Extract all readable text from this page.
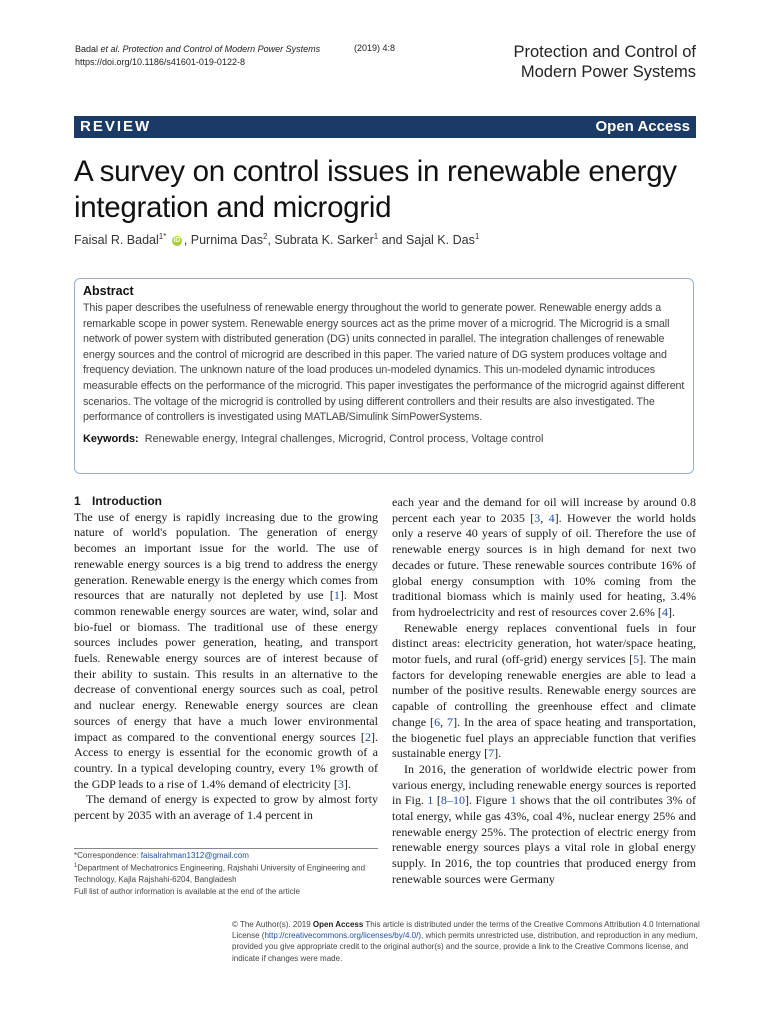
Badal et al. Protection and Control of Modern Power Systems
https://doi.org/10.1186/s41601-019-0122-8
(2019) 4:8	Protection and Control of
Modern Power Systems
REVIEW	Open Access
A survey on control issues in renewable energy integration and microgrid
Faisal R. Badal$^{1*}$ iD , Purnima Das$^2$, Subrata K. Sarker$^1$ and Sajal K. Das$^1$
Abstract
This paper describes the usefulness of renewable energy throughout the world to generate power. Renewable energy adds a remarkable scope in power system. Renewable energy sources act as the prime mover of a microgrid. The Microgrid is a small network of power system with distributed generation (DG) units connected in parallel. The integration challenges of renewable energy sources and the control of microgrid are described in this paper. The varied nature of DG system produces voltage and frequency deviation. The unknown nature of the load produces un-modeled dynamics. This un-modeled dynamic introduces measurable effects on the performance of the microgrid. This paper investigates the performance of the microgrid against different scenarios. The voltage of the microgrid is controlled by using different controllers and their results are also investigated. The performance of controllers is investigated using MATLAB/Simulink SimPowerSystems.
Keywords: Renewable energy, Integral challenges, Microgrid, Control process, Voltage control
1 Introduction

The use of energy is rapidly increasing due to the growing nature of world's population. The generation of energy becomes an important issue for the world. The use of renewable energy sources is a big trend to address the energy generation. Renewable energy is the energy which comes from resources that are naturally not depleted by use [1]. Most common renewable energy sources are water, wind, solar and bio-fuel or biomass. The traditional use of these energy sources includes power generation, heating, and transport fuels. Renewable energy sources are of interest because of their ability to sustain. This results in an alternative to the decrease of conventional energy sources such as coal, petrol and nuclear energy. Renewable energy sources are clean sources of energy that have a much lower environmental impact as compared to the conventional energy sources [2]. Access to energy is essential for the economic growth of a country. In a typical developing country, every 1% growth of the GDP leads to a rise of 1.4% demand of electricity [3].

The demand of energy is expected to grow by almost forty percent by 2035 with an average of 1.4 percent in

each year and the demand for oil will increase by around 0.8 percent each year to 2035 [3, 4]. However the world holds only a reserve 40 years of supply of oil. Therefore the use of renewable energy sources is in high demand for next two decades or future. These renewable sources contribute 16% of global energy consumption with 10% coming from the traditional biomass which is mainly used for heating, 3.4% from hydroelectricity and rest of resources cover 2.6% [4].

Renewable energy replaces conventional fuels in four distinct areas: electricity generation, hot water/space heating, motor fuels, and rural (off-grid) energy services [5]. The main factors for developing renewable energies are able to lead a number of the positive results. Renewable energy sources are capable of controlling the greenhouse effect and climate change [6, 7]. In the area of space heating and transportation, the biogenetic fuel plays an appreciable function that verifies sustainable energy [7].

In 2016, the generation of worldwide electric power from various energy, including renewable energy sources is reported in Fig. 1 [8–10]. Figure 1 shows that the oil contributes 3% of total energy, while gas 43%, coal 4%, nuclear energy 25% and renewable energy 25%. The protection of electric energy from renewable energy sources plays a vital role in global energy supply. In 2016, the top countries that produced energy from renewable sources were Germany

*Correspondence: faisalrahman1312@gmail.com
$^1$Department of Mechatronics Engineering, Rajshahi University of Engineering and Technology, Kajla Rajshahi-6204, Bangladesh
Full list of author information is available at the end of the article
© The Author(s). 2019 Open Access This article is distributed under the terms of the Creative Commons Attribution 4.0 International License (http://creativecommons.org/licenses/by/4.0/), which permits unrestricted use, distribution, and reproduction in any medium, provided you give appropriate credit to the original author(s) and the source, provide a link to the Creative Commons license, and indicate if changes were made.
